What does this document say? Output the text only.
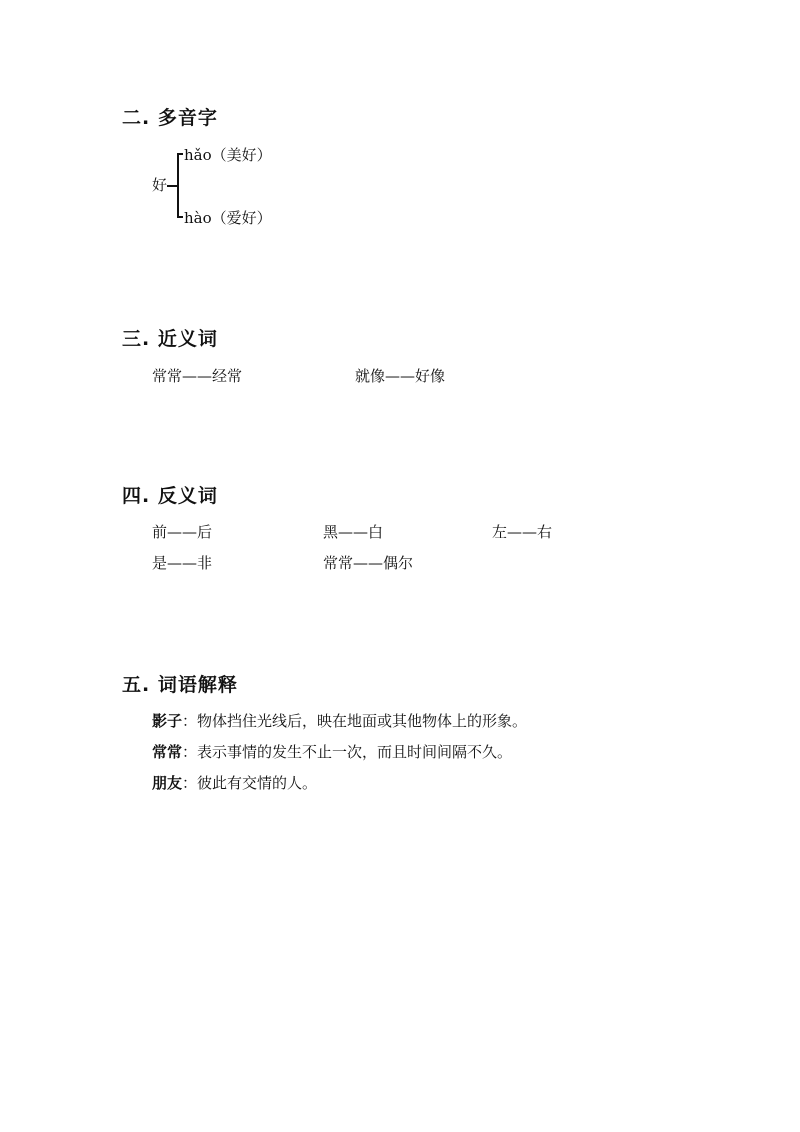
二. 多音字
好
hǎo（美好）
hào（爱好）
三. 近义词
常常——经常	就像——好像
四. 反义词
前——后	黑——白	左——右
是——非	常常——偶尔
五. 词语解释
影子：物体挡住光线后，映在地面或其他物体上的形象。
常常：表示事情的发生不止一次，而且时间间隔不久。
朋友：彼此有交情的人。
